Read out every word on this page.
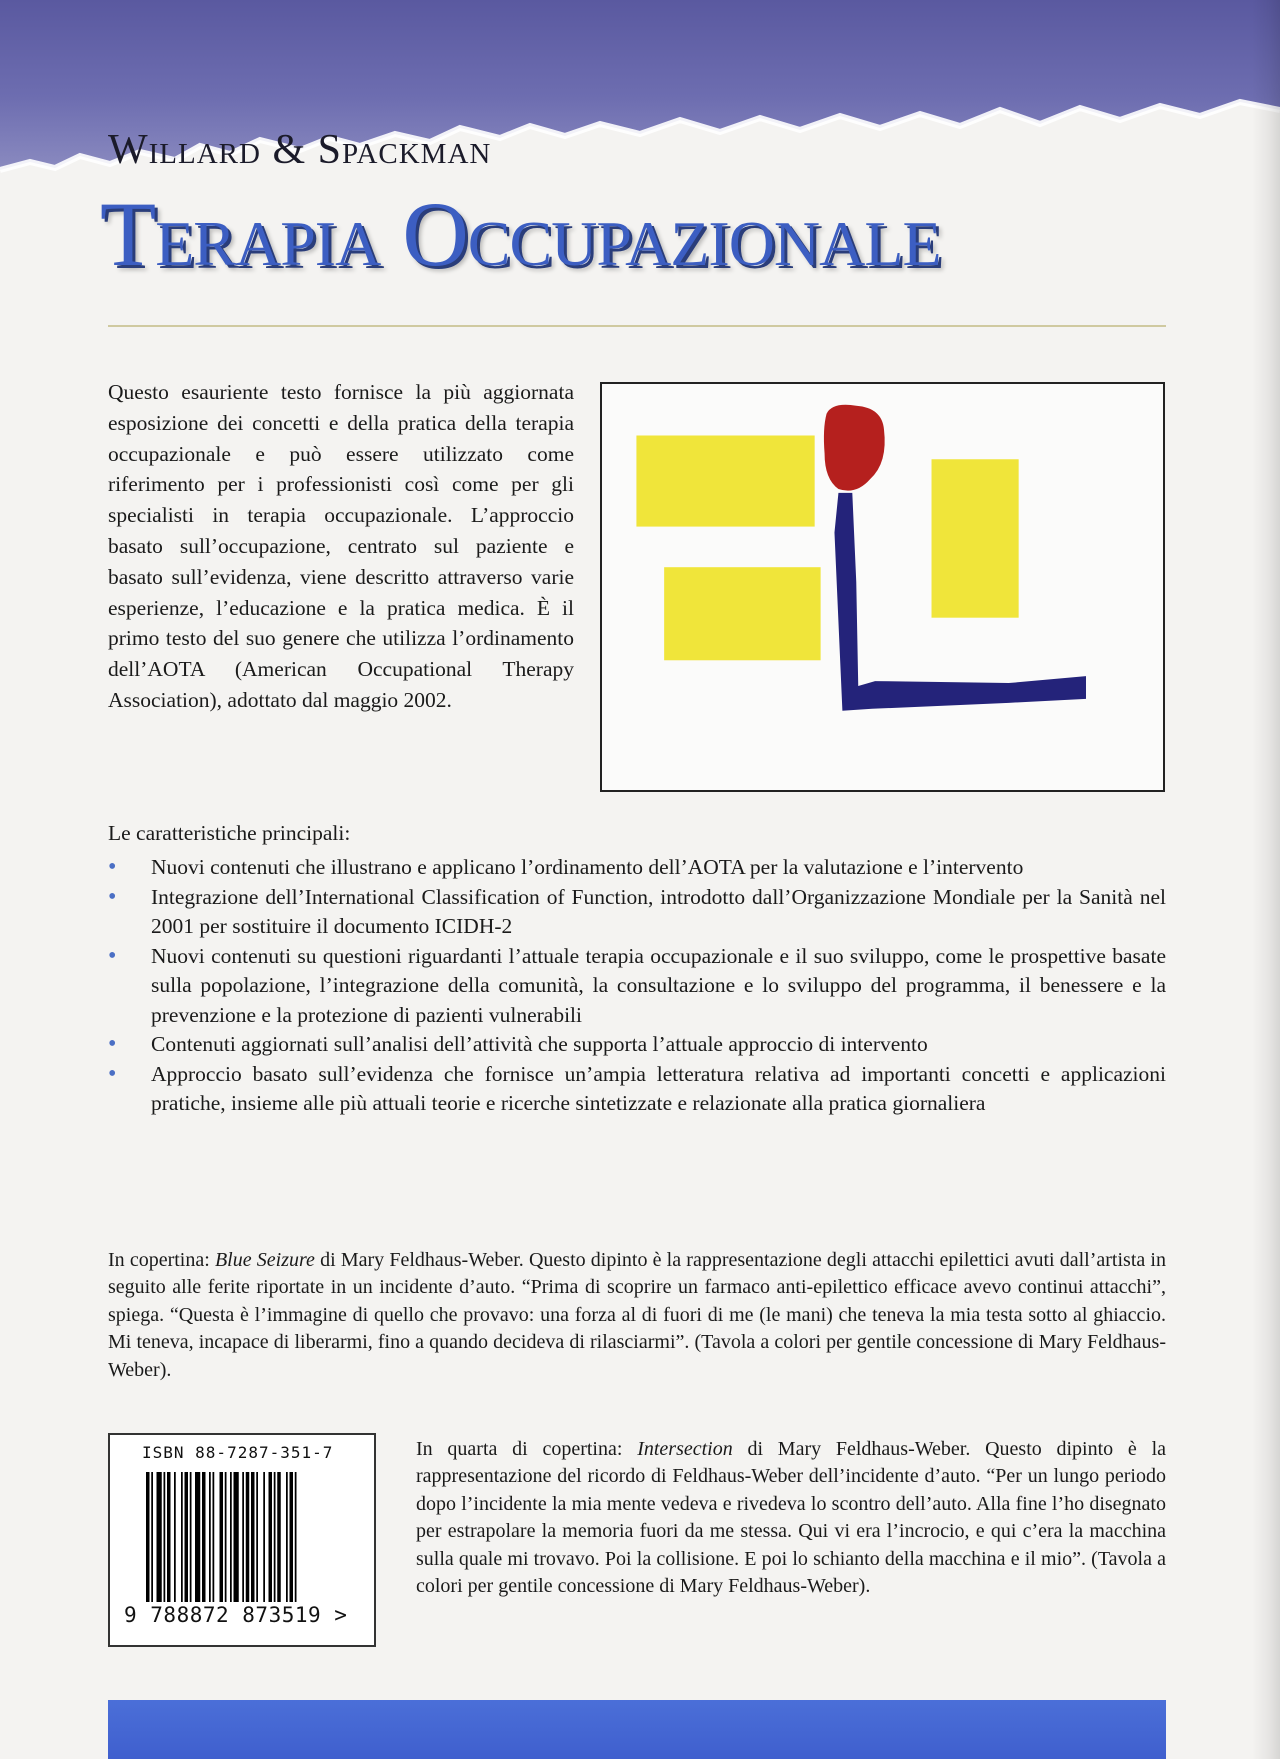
Willard & Spackman
Terapia Occupazionale

Questo esauriente testo fornisce la più aggiornata esposizione dei concetti e della pratica della terapia occupazionale e può essere utilizzato come riferimento per i professionisti così come per gli specialisti in terapia occupazionale. L’approccio basato sull’occupazione, centrato sul paziente e basato sull’evidenza, viene descritto attraverso varie esperienze, l’educazione e la pratica medica. È il primo testo del suo genere che utilizza l’ordinamento dell’AOTA (American Occupational Therapy Association), adottato dal maggio 2002.

Le caratteristiche principali:

• Nuovi contenuti che illustrano e applicano l’ordinamento dell’AOTA per la valutazione e l’intervento
• Integrazione dell’International Classification of Function, introdotto dall’Organizzazione Mondiale per la Sanità nel 2001 per sostituire il documento ICIDH-2
• Nuovi contenuti su questioni riguardanti l’attuale terapia occupazionale e il suo sviluppo, come le prospettive basate sulla popolazione, l’integrazione della comunità, la consultazione e lo sviluppo del programma, il benessere e la prevenzione e la protezione di pazienti vulnerabili
• Contenuti aggiornati sull’analisi dell’attività che supporta l’attuale approccio di intervento
• Approccio basato sull’evidenza che fornisce un’ampia letteratura relativa ad importanti concetti e applicazioni pratiche, insieme alle più attuali teorie e ricerche sintetizzate e relazionate alla pratica giornaliera

In copertina: Blue Seizure di Mary Feldhaus-Weber. Questo dipinto è la rappresentazione degli attacchi epilettici avuti dall’artista in seguito alle ferite riportate in un incidente d’auto. “Prima di scoprire un farmaco anti-epilettico efficace avevo continui attacchi”, spiega. “Questa è l’immagine di quello che provavo: una forza al di fuori di me (le mani) che teneva la mia testa sotto al ghiaccio. Mi teneva, incapace di liberarmi, fino a quando decideva di rilasciarmi”. (Tavola a colori per gentile concessione di Mary Feldhaus-Weber).

ISBN 88-7287-351-7
9 788872 873519 >

In quarta di copertina: Intersection di Mary Feldhaus-Weber. Questo dipinto è la rappresentazione del ricordo di Feldhaus-Weber dell’incidente d’auto. “Per un lungo periodo dopo l’incidente la mia mente vedeva e rivedeva lo scontro dell’auto. Alla fine l’ho disegnato per estrapolare la memoria fuori da me stessa. Qui vi era l’incrocio, e qui c’era la macchina sulla quale mi trovavo. Poi la collisione. E poi lo schianto della macchina e il mio”. (Tavola a colori per gentile concessione di Mary Feldhaus-Weber).
